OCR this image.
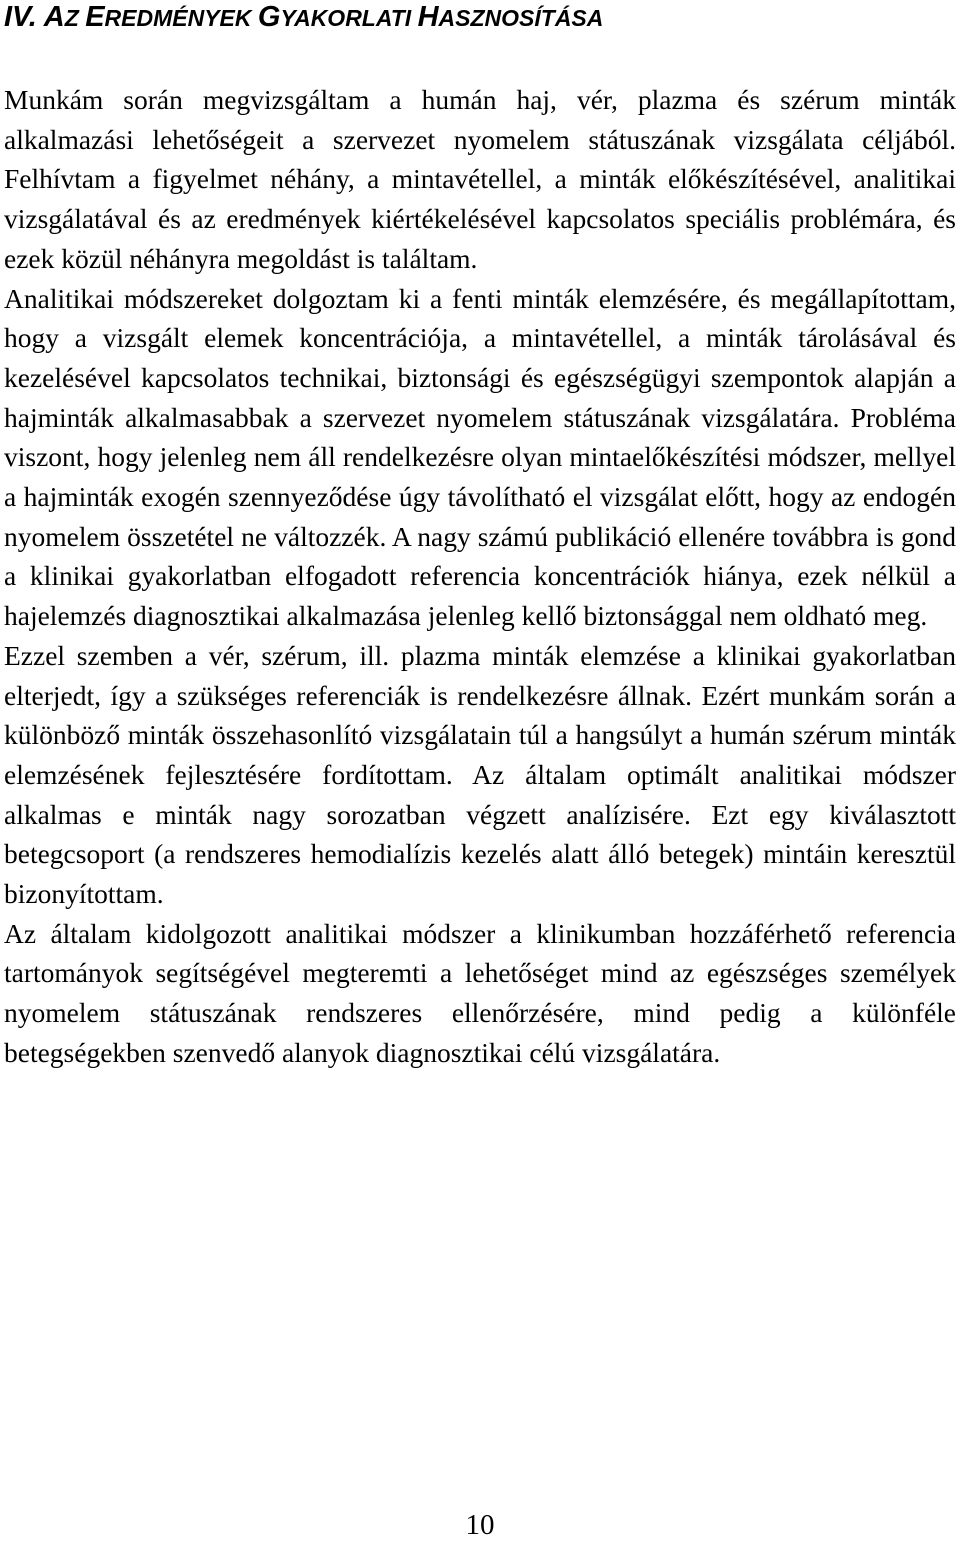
IV. AZ EREDMÉNYEK GYAKORLATI HASZNOSÍTÁSA

Munkám során megvizsgáltam a humán haj, vér, plazma és szérum minták alkalmazási lehetőségeit a szervezet nyomelem státuszának vizsgálata céljából. Felhívtam a figyelmet néhány, a mintavétellel, a minták előkészítésével, analitikai vizsgálatával és az eredmények kiértékelésével kapcsolatos speciális problémára, és ezek közül néhányra megoldást is találtam.

Analitikai módszereket dolgoztam ki a fenti minták elemzésére, és megállapítottam, hogy a vizsgált elemek koncentrációja, a mintavétellel, a minták tárolásával és kezelésével kapcsolatos technikai, biztonsági és egészségügyi szempontok alapján a hajminták alkalmasabbak a szervezet nyomelem státuszának vizsgálatára. Probléma viszont, hogy jelenleg nem áll rendelkezésre olyan mintaelőkészítési módszer, mellyel a hajminták exogén szennyeződése úgy távolítható el vizsgálat előtt, hogy az endogén nyomelem összetétel ne változzék. A nagy számú publikáció ellenére továbbra is gond a klinikai gyakorlatban elfogadott referencia koncentrációk hiánya, ezek nélkül a hajelemzés diagnosztikai alkalmazása jelenleg kellő biztonsággal nem oldható meg.

Ezzel szemben a vér, szérum, ill. plazma minták elemzése a klinikai gyakorlatban elterjedt, így a szükséges referenciák is rendelkezésre állnak. Ezért munkám során a különböző minták összehasonlító vizsgálatain túl a hangsúlyt a humán szérum minták elemzésének fejlesztésére fordítottam. Az általam optimált analitikai módszer alkalmas e minták nagy sorozatban végzett analízisére. Ezt egy kiválasztott betegcsoport (a rendszeres hemodialízis kezelés alatt álló betegek) mintáin keresztül bizonyítottam.

Az általam kidolgozott analitikai módszer a klinikumban hozzáférhető referencia tartományok segítségével megteremti a lehetőséget mind az egészséges személyek nyomelem státuszának rendszeres ellenőrzésére, mind pedig a különféle betegségekben szenvedő alanyok diagnosztikai célú vizsgálatára.

10
